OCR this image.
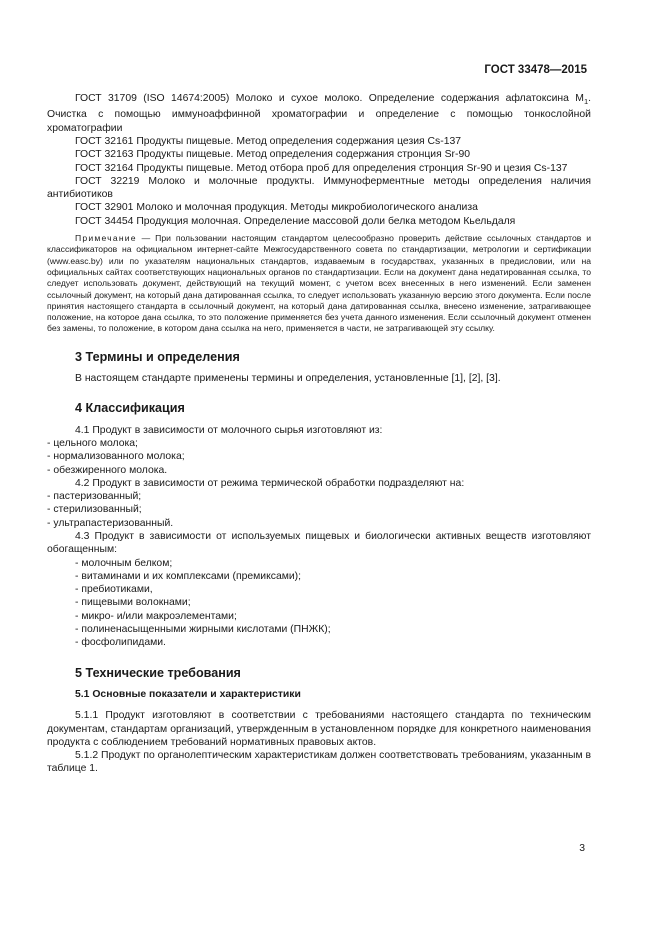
ГОСТ 33478—2015

ГОСТ 31709 (ISO 14674:2005) Молоко и сухое молоко. Определение содержания афлатоксина $М_1$. Очистка с помощью иммуноаффинной хроматографии и определение с помощью тонкослойной хроматографии

ГОСТ 32161 Продукты пищевые. Метод определения содержания цезия Cs-137

ГОСТ 32163 Продукты пищевые. Метод определения содержания стронция Sr-90

ГОСТ 32164 Продукты пищевые. Метод отбора проб для определения стронция Sr-90 и цезия Cs-137

ГОСТ 32219 Молоко и молочные продукты. Иммуноферментные методы определения наличия антибиотиков

ГОСТ 32901 Молоко и молочная продукция. Методы микробиологического анализа

ГОСТ 34454 Продукция молочная. Определение массовой доли белка методом Кьельдаля

Примечание — При пользовании настоящим стандартом целесообразно проверить действие ссылочных стандартов и классификаторов на официальном интернет-сайте Межгосударственного совета по стандартизации, метрологии и сертификации (www.easc.by) или по указателям национальных стандартов, издаваемым в государствах, указанных в предисловии, или на официальных сайтах соответствующих национальных органов по стандартизации. Если на документ дана недатированная ссылка, то следует использовать документ, действующий на текущий момент, с учетом всех внесенных в него изменений. Если заменен ссылочный документ, на который дана датированная ссылка, то следует использовать указанную версию этого документа. Если после принятия настоящего стандарта в ссылочный документ, на который дана датированная ссылка, внесено изменение, затрагивающее положение, на которое дана ссылка, то это положение применяется без учета данного изменения. Если ссылочный документ отменен без замены, то положение, в котором дана ссылка на него, применяется в части, не затрагивающей эту ссылку.

3 Термины и определения

В настоящем стандарте применены термины и определения, установленные [1], [2], [3].

4 Классификация

4.1 Продукт в зависимости от молочного сырья изготовляют из:

- цельного молока;

- нормализованного молока;

- обезжиренного молока.

4.2 Продукт в зависимости от режима термической обработки подразделяют на:

- пастеризованный;

- стерилизованный;

- ультрапастеризованный.

4.3 Продукт в зависимости от используемых пищевых и биологически активных веществ изготовляют обогащенным:

- молочным белком;

- витаминами и их комплексами (премиксами);

- пребиотиками,

- пищевыми волокнами;

- микро- и/или макроэлементами;

- полиненасыщенными жирными кислотами (ПНЖК);

- фосфолипидами.

5 Технические требования
5.1 Основные показатели и характеристики

5.1.1 Продукт изготовляют в соответствии с требованиями настоящего стандарта по техническим документам, стандартам организаций, утвержденным в установленном порядке для конкретного наименования продукта с соблюдением требований нормативных правовых актов.

5.1.2 Продукт по органолептическим характеристикам должен соответствовать требованиям, указанным в таблице 1.

3
